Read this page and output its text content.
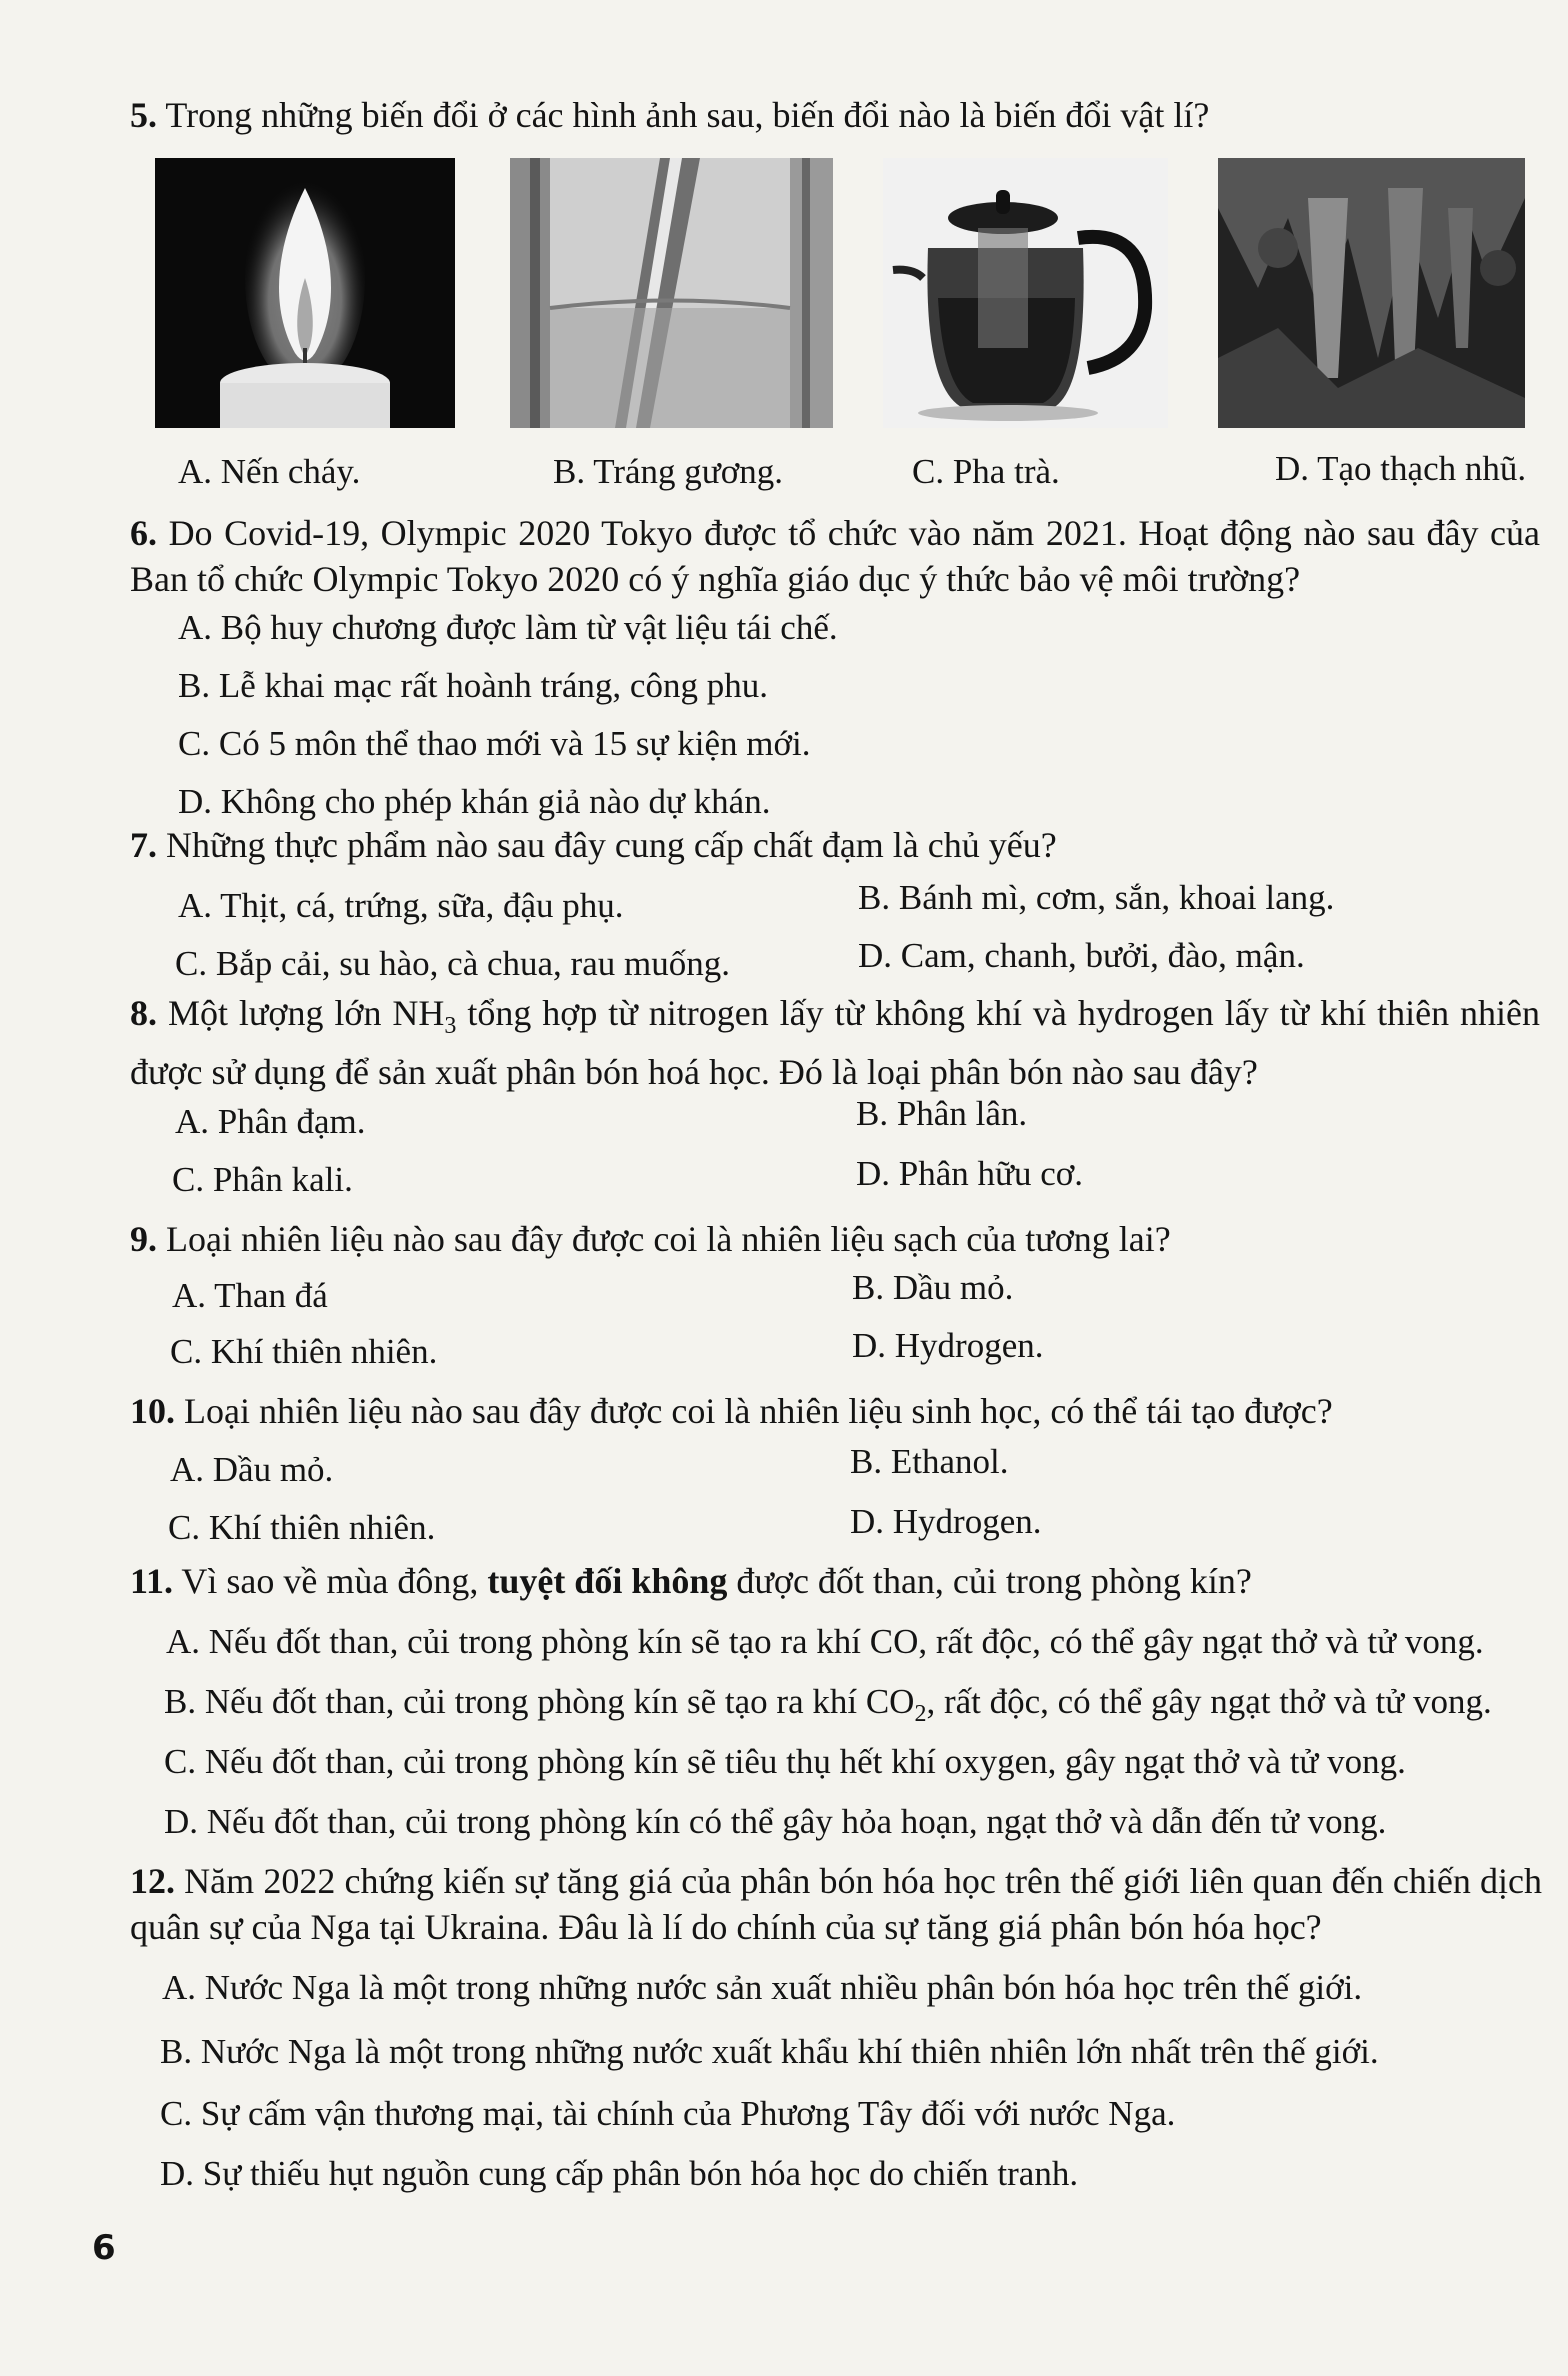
5. Trong những biến đổi ở các hình ảnh sau, biến đổi nào là biến đổi vật lí?

A. Nến cháy.	B. Tráng gương.	C. Pha trà.	D. Tạo thạch nhũ.

6. Do Covid-19, Olympic 2020 Tokyo được tổ chức vào năm 2021. Hoạt động nào sau đây của Ban tổ chức Olympic Tokyo 2020 có ý nghĩa giáo dục ý thức bảo vệ môi trường?

A. Bộ huy chương được làm từ vật liệu tái chế.

B. Lễ khai mạc rất hoành tráng, công phu.

C. Có 5 môn thể thao mới và 15 sự kiện mới.

D. Không cho phép khán giả nào dự khán.

7. Những thực phẩm nào sau đây cung cấp chất đạm là chủ yếu?

A. Thịt, cá, trứng, sữa, đậu phụ.	B. Bánh mì, cơm, sắn, khoai lang.

C. Bắp cải, su hào, cà chua, rau muống.	D. Cam, chanh, bưởi, đào, mận.

8. Một lượng lớn $NH_3$ tổng hợp từ nitrogen lấy từ không khí và hydrogen lấy từ khí thiên nhiên được sử dụng để sản xuất phân bón hoá học. Đó là loại phân bón nào sau đây?

A. Phân đạm.	B. Phân lân.

C. Phân kali.	D. Phân hữu cơ.

9. Loại nhiên liệu nào sau đây được coi là nhiên liệu sạch của tương lai?

A. Than đá	B. Dầu mỏ.

C. Khí thiên nhiên.	D. Hydrogen.

10. Loại nhiên liệu nào sau đây được coi là nhiên liệu sinh học, có thể tái tạo được?

A. Dầu mỏ.	B. Ethanol.

C. Khí thiên nhiên.	D. Hydrogen.

11. Vì sao về mùa đông, tuyệt đối không được đốt than, củi trong phòng kín?

A. Nếu đốt than, củi trong phòng kín sẽ tạo ra khí CO, rất độc, có thể gây ngạt thở và tử vong.

B. Nếu đốt than, củi trong phòng kín sẽ tạo ra khí $CO_2$, rất độc, có thể gây ngạt thở và tử vong.

C. Nếu đốt than, củi trong phòng kín sẽ tiêu thụ hết khí oxygen, gây ngạt thở và tử vong.

D. Nếu đốt than, củi trong phòng kín có thể gây hỏa hoạn, ngạt thở và dẫn đến tử vong.

12. Năm 2022 chứng kiến sự tăng giá của phân bón hóa học trên thế giới liên quan đến chiến dịch quân sự của Nga tại Ukraina. Đâu là lí do chính của sự tăng giá phân bón hóa học?

A. Nước Nga là một trong những nước sản xuất nhiều phân bón hóa học trên thế giới.

B. Nước Nga là một trong những nước xuất khẩu khí thiên nhiên lớn nhất trên thế giới.

C. Sự cấm vận thương mại, tài chính của Phương Tây đối với nước Nga.

D. Sự thiếu hụt nguồn cung cấp phân bón hóa học do chiến tranh.

6
